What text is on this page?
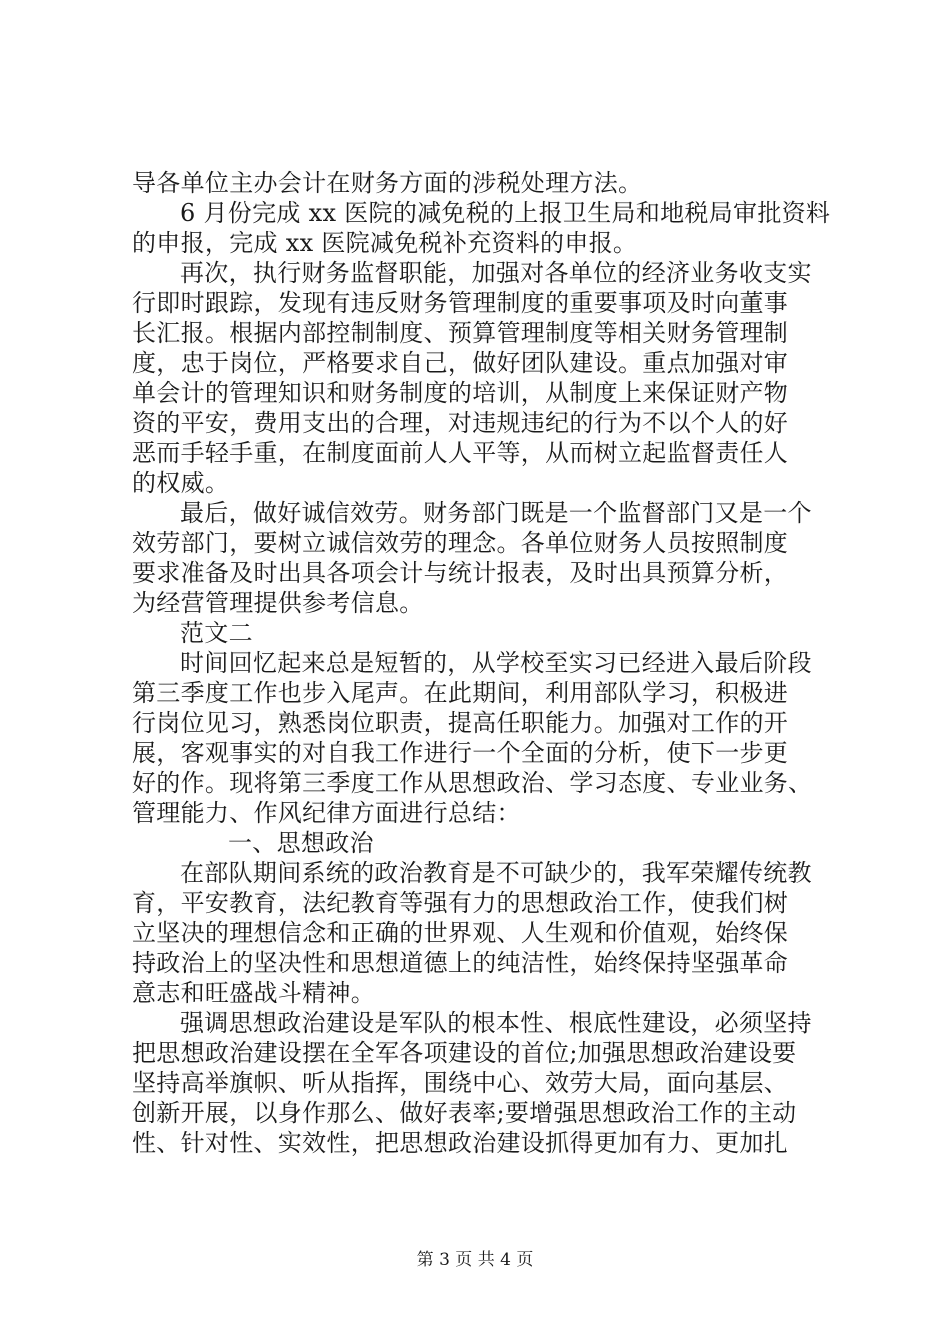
导各单位主办会计在财务方面的涉税处理方法。
6 月份完成 xx 医院的减免税的上报卫生局和地税局审批资料
的申报，完成 xx 医院减免税补充资料的申报。
再次，执行财务监督职能，加强对各单位的经济业务收支实
行即时跟踪，发现有违反财务管理制度的重要事项及时向董事
长汇报。根据内部控制制度、预算管理制度等相关财务管理制
度，忠于岗位，严格要求自己，做好团队建设。重点加强对审
单会计的管理知识和财务制度的培训，从制度上来保证财产物
资的平安，费用支出的合理，对违规违纪的行为不以个人的好
恶而手轻手重，在制度面前人人平等，从而树立起监督责任人
的权威。
最后，做好诚信效劳。财务部门既是一个监督部门又是一个
效劳部门，要树立诚信效劳的理念。各单位财务人员按照制度
要求准备及时出具各项会计与统计报表，及时出具预算分析，
为经营管理提供参考信息。
范文二
时间回忆起来总是短暂的，从学校至实习已经进入最后阶段
第三季度工作也步入尾声。在此期间，利用部队学习，积极进
行岗位见习，熟悉岗位职责，提高任职能力。加强对工作的开
展，客观事实的对自我工作进行一个全面的分析，使下一步更
好的作。现将第三季度工作从思想政治、学习态度、专业业务、
管理能力、作风纪律方面进行总结：
一、思想政治
在部队期间系统的政治教育是不可缺少的，我军荣耀传统教
育，平安教育，法纪教育等强有力的思想政治工作，使我们树
立坚决的理想信念和正确的世界观、人生观和价值观，始终保
持政治上的坚决性和思想道德上的纯洁性，始终保持坚强革命
意志和旺盛战斗精神。
强调思想政治建设是军队的根本性、根底性建设，必须坚持
把思想政治建设摆在全军各项建设的首位;加强思想政治建设要
坚持高举旗帜、听从指挥，围绕中心、效劳大局，面向基层、
创新开展，以身作那么、做好表率;要增强思想政治工作的主动
性、针对性、实效性，把思想政治建设抓得更加有力、更加扎
第 3 页 共 4 页
